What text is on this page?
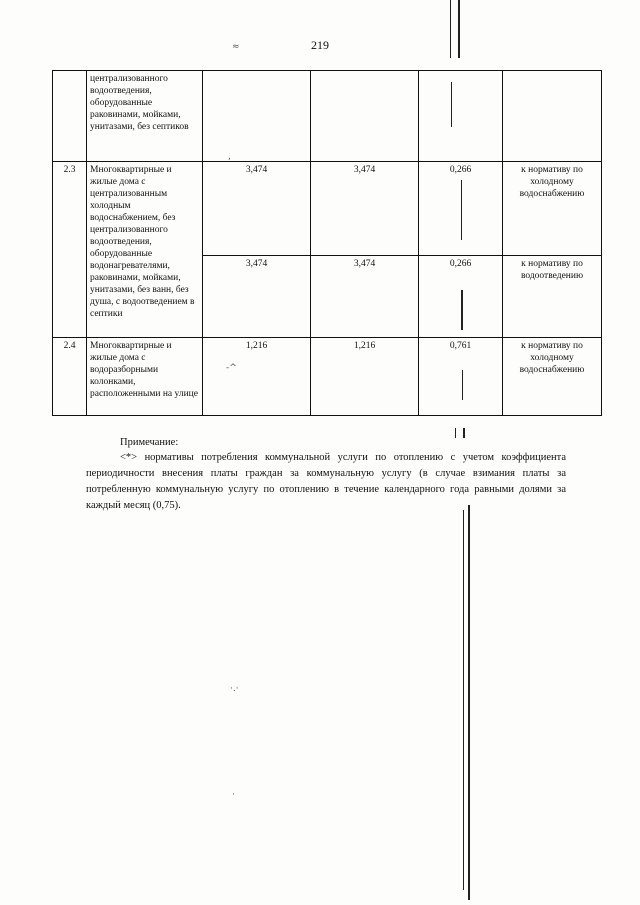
≈
-^
·.·
·
,
219
	централизованного водоотведения, оборудованные раковинами, мойками, унитазами, без септиков				
2.3	Многоквартирные и жилые дома с централизованным холодным водоснабжением, без централизованного водоотведения, оборудованные водонагревателями, раковинами, мойками, унитазами, без ванн, без душа, с водоотведением в септики	3,474	3,474	0,266	к нормативу по холодному водоснабжению
		3,474	3,474	0,266	к нормативу по водоотведению
2.4	Многоквартирные и жилые дома с водоразборными колонками, расположенными на улице	1,216	1,216	0,761	к нормативу по холодному водоснабжению
Примечание:
<*> нормативы потребления коммунальной услуги по отоплению с учетом коэффициента периодичности внесения платы граждан за коммунальную услугу (в случае взимания платы за потребленную коммунальную услугу по отоплению в течение календарного года равными долями за каждый месяц (0,75).
